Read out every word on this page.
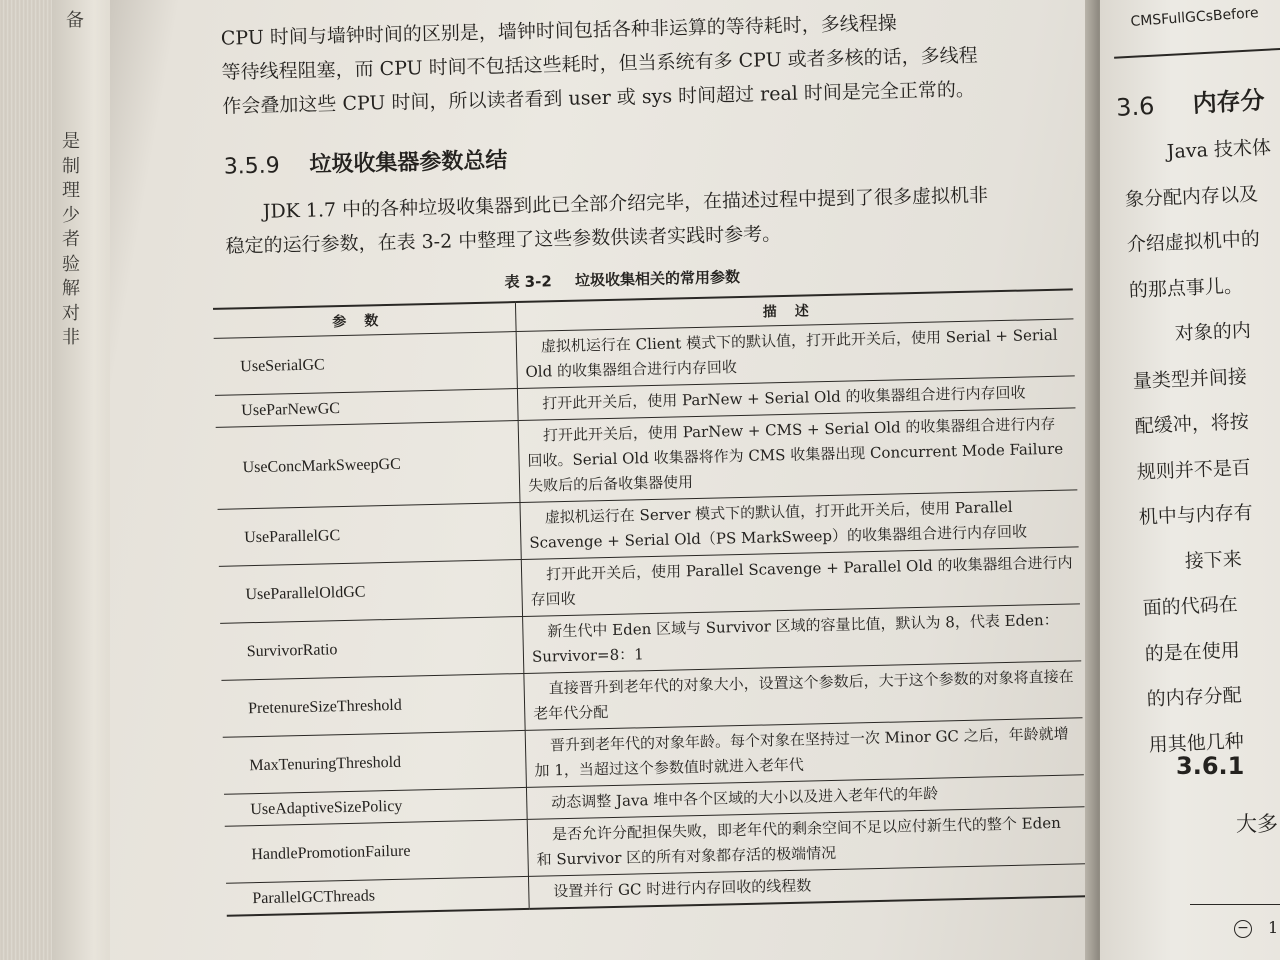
备
是制理少者验解对非

CPU 时间与墙钟时间的区别是，墙钟时间包括各种非运算的等待耗时，多线程操

等待线程阻塞，而 CPU 时间不包括这些耗时，但当系统有多 CPU 或者多核的话，多线程

作会叠加这些 CPU 时间，所以读者看到 user 或 sys 时间超过 real 时间是完全正常的。

3.5.9 垃圾收集器参数总结

JDK 1.7 中的各种垃圾收集器到此已全部介绍完毕，在描述过程中提到了很多虚拟机非

稳定的运行参数，在表 3-2 中整理了这些参数供读者实践时参考。

表 3-2 垃圾收集相关的常用参数
参数	描述
UseSerialGC	虚拟机运行在 Client 模式下的默认值，打开此开关后，使用 Serial + Serial Old 的收集器组合进行内存回收
UseParNewGC	打开此开关后，使用 ParNew + Serial Old 的收集器组合进行内存回收
UseConcMarkSweepGC	打开此开关后，使用 ParNew + CMS + Serial Old 的收集器组合进行内存回收。Serial Old 收集器将作为 CMS 收集器出现 Concurrent Mode Failure 失败后的后备收集器使用
UseParallelGC	虚拟机运行在 Server 模式下的默认值，打开此开关后，使用 Parallel Scavenge + Serial Old（PS MarkSweep）的收集器组合进行内存回收
UseParallelOldGC	打开此开关后，使用 Parallel Scavenge + Parallel Old 的收集器组合进行内存回收
SurvivorRatio	新生代中 Eden 区域与 Survivor 区域的容量比值，默认为 8，代表 Eden：Survivor=8：1
PretenureSizeThreshold	直接晋升到老年代的对象大小，设置这个参数后，大于这个参数的对象将直接在老年代分配
MaxTenuringThreshold	晋升到老年代的对象年龄。每个对象在坚持过一次 Minor GC 之后，年龄就增加 1，当超过这个参数值时就进入老年代
UseAdaptiveSizePolicy	动态调整 Java 堆中各个区域的大小以及进入老年代的年龄
HandlePromotionFailure	是否允许分配担保失败，即老年代的剩余空间不足以应付新生代的整个 Eden 和 Survivor 区的所有对象都存活的极端情况
ParallelGCThreads	设置并行 GC 时进行内存回收的线程数
CMSFullGCsBefore
3.6 内存分
Java 技术体
象分配内存以及
介绍虚拟机中的
的那点事儿。
对象的内
量类型并间接
配缓冲，将按
规则并不是百
机中与内存有
接下来
面的代码在
的是在使用
的内存分配
用其他几种
3.6.1
大多
− 1
